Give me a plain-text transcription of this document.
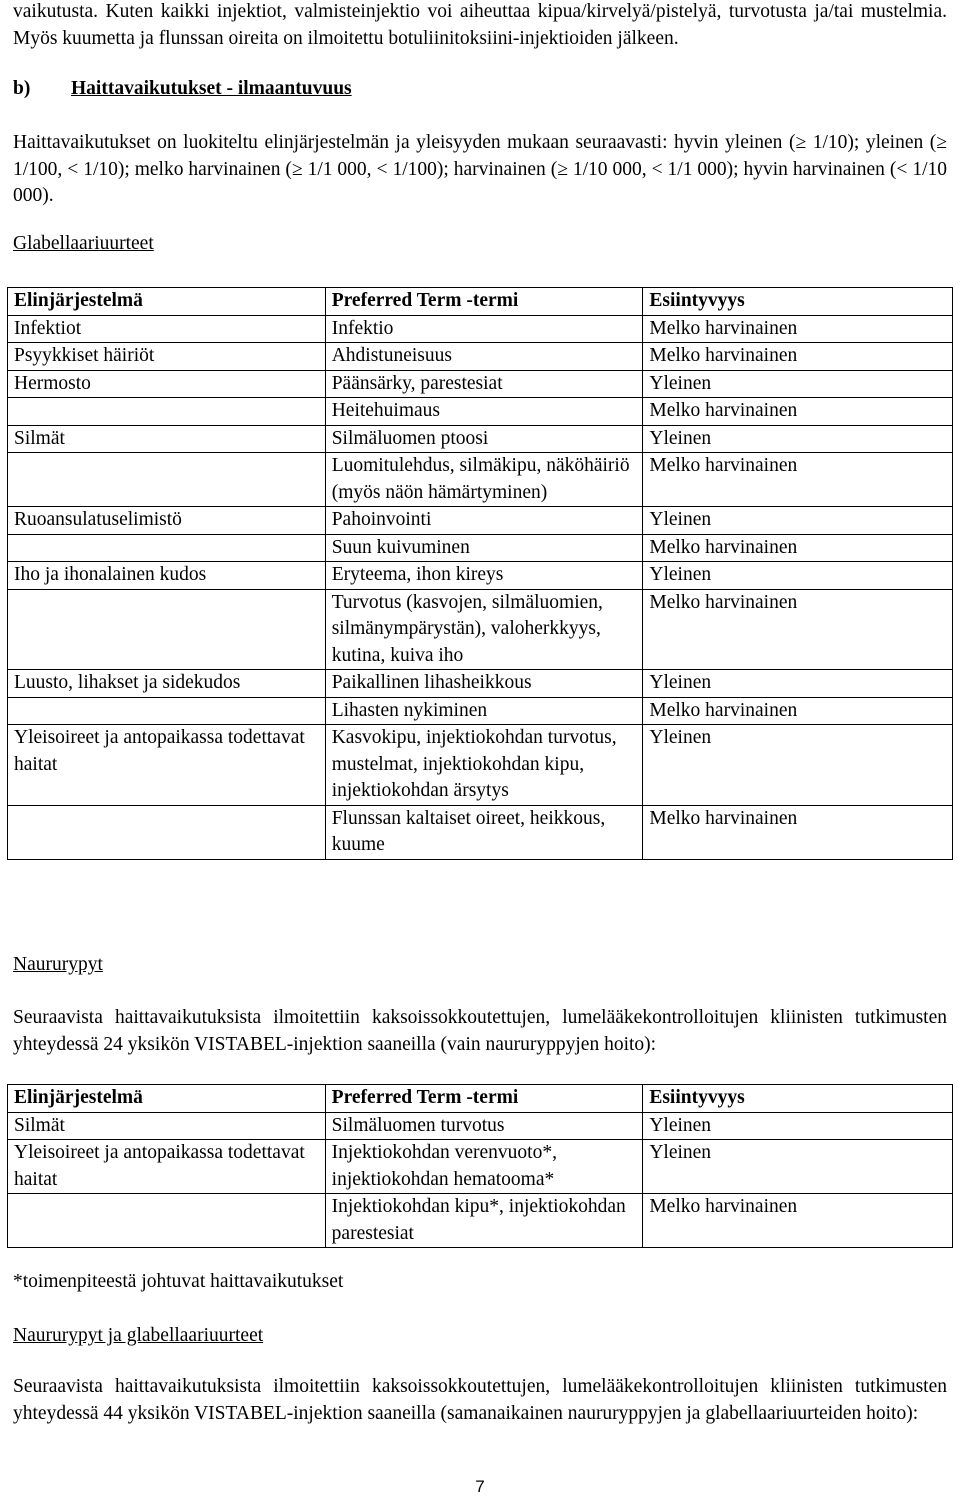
vaikutusta. Kuten kaikki injektiot, valmisteinjektio voi aiheuttaa kipua/kirvelyä/pistelyä, turvotusta ja/tai mustelmia. Myös kuumetta ja flunssan oireita on ilmoitettu botuliinitoksiini-injektioiden jälkeen.

b) Haittavaikutukset - ilmaantuvuus

Haittavaikutukset on luokiteltu elinjärjestelmän ja yleisyyden mukaan seuraavasti: hyvin yleinen (≥ 1/10); yleinen (≥ 1/100, < 1/10); melko harvinainen (≥ 1/1 000, < 1/100); harvinainen (≥ 1/10 000, < 1/1 000); hyvin harvinainen (< 1/10 000).

Glabellaariuurteet
Elinjärjestelmä	Preferred Term -termi	Esiintyvyys
Infektiot	Infektio	Melko harvinainen
Psyykkiset häiriöt	Ahdistuneisuus	Melko harvinainen
Hermosto	Päänsärky, parestesiat	Yleinen
	Heitehuimaus	Melko harvinainen
Silmät	Silmäluomen ptoosi	Yleinen
	Luomitulehdus, silmäkipu, näköhäiriö (myös näön hämärtyminen)	Melko harvinainen
Ruoansulatuselimistö	Pahoinvointi	Yleinen
	Suun kuivuminen	Melko harvinainen
Iho ja ihonalainen kudos	Eryteema, ihon kireys	Yleinen
	Turvotus (kasvojen, silmäluomien, silmänympärystän), valoherkkyys, kutina, kuiva iho	Melko harvinainen
Luusto, lihakset ja sidekudos	Paikallinen lihasheikkous	Yleinen
	Lihasten nykiminen	Melko harvinainen
Yleisoireet ja antopaikassa todettavat haitat	Kasvokipu, injektiokohdan turvotus, mustelmat, injektiokohdan kipu, injektiokohdan ärsytys	Yleinen
	Flunssan kaltaiset oireet, heikkous, kuume	Melko harvinainen
Naururypyt

Seuraavista haittavaikutuksista ilmoitettiin kaksoissokkoutettujen, lumelääkekontrolloitujen kliinisten tutkimusten yhteydessä 24 yksikön VISTABEL-injektion saaneilla (vain naururyppyjen hoito):

Elinjärjestelmä	Preferred Term -termi	Esiintyvyys
Silmät	Silmäluomen turvotus	Yleinen
Yleisoireet ja antopaikassa todettavat haitat	Injektiokohdan verenvuoto*, injektiokohdan hematooma*	Yleinen
	Injektiokohdan kipu*, injektiokohdan parestesiat	Melko harvinainen
*toimenpiteestä johtuvat haittavaikutukset
Naururypyt ja glabellaariuurteet

Seuraavista haittavaikutuksista ilmoitettiin kaksoissokkoutettujen, lumelääkekontrolloitujen kliinisten tutkimusten yhteydessä 44 yksikön VISTABEL-injektion saaneilla (samanaikainen naururyppyjen ja glabellaariuurteiden hoito):

7
